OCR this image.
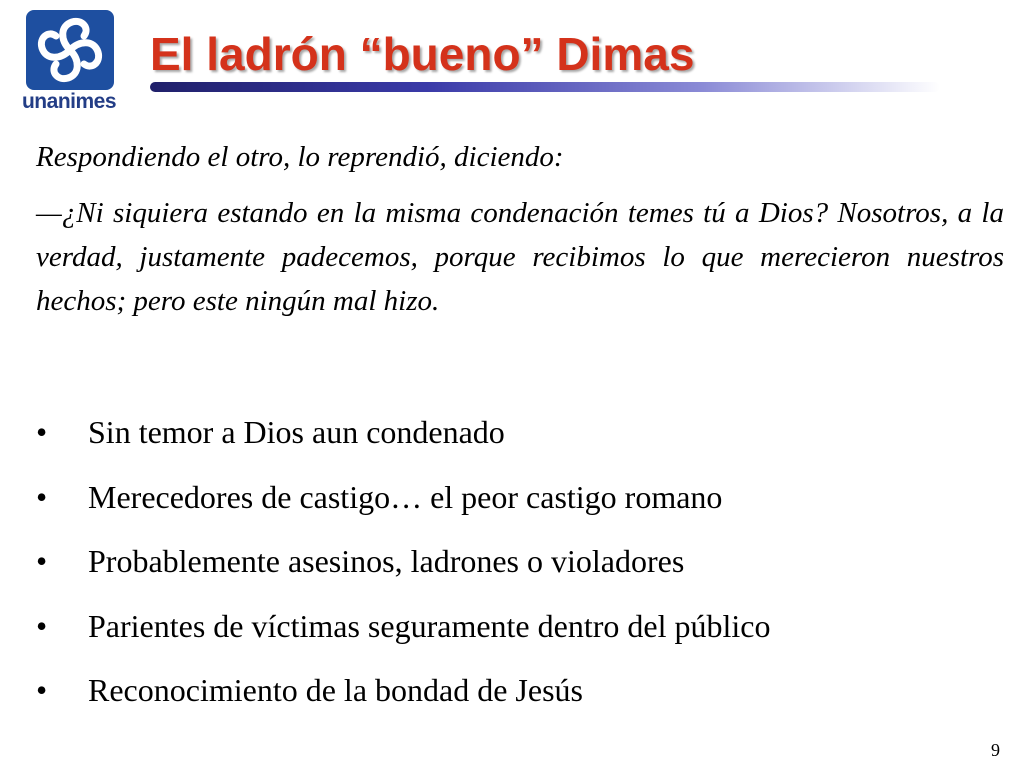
unanimes
El ladrón “bueno” Dimas

Respondiendo el otro, lo reprendió, diciendo:

—¿Ni siquiera estando en la misma condenación temes tú a Dios? Nosotros, a la verdad, justamente padecemos, porque recibimos lo que merecieron nuestros hechos; pero este ningún mal hizo.

•	Sin temor a Dios aun condenado
•	Merecedores de castigo… el peor castigo romano
•	Probablemente asesinos, ladrones o violadores
•	Parientes de víctimas seguramente dentro del público
•	Reconocimiento de la bondad de Jesús
9
